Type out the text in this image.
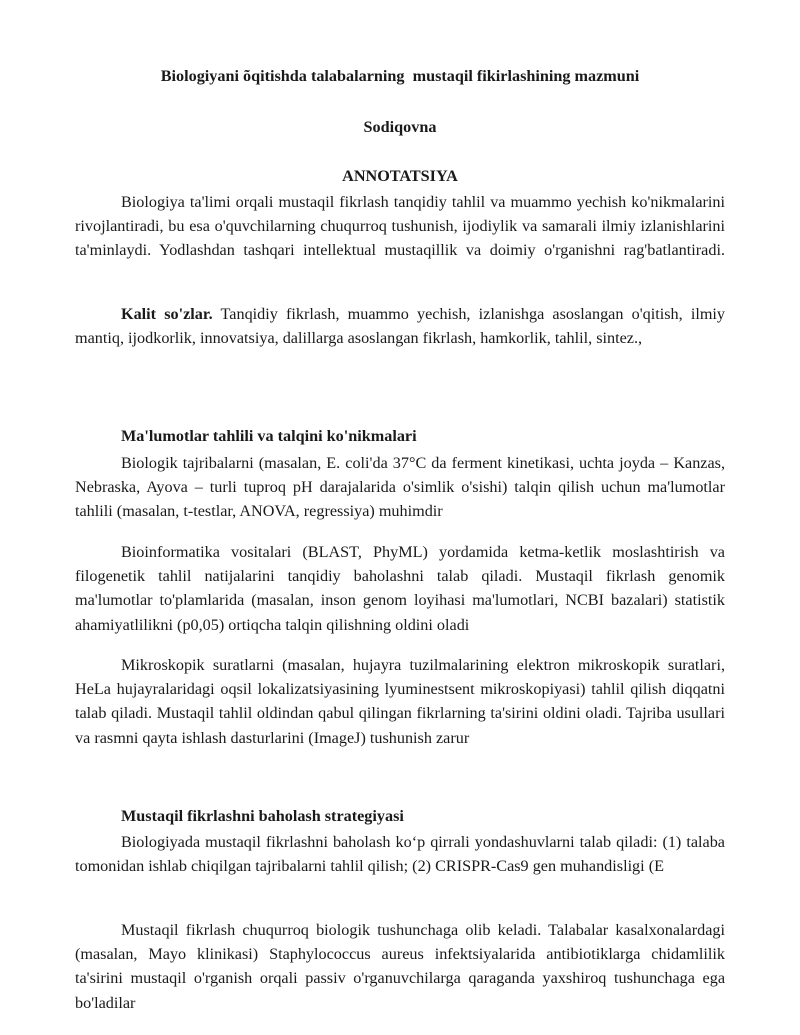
Biologiyani õqitishda talabalarning  mustaqil fikirlashining mazmuni
Sodiqovna
ANNOTATSIYA

Biologiya ta'limi orqali mustaqil fikrlash tanqidiy tahlil va muammo yechish ko'nikmalarini rivojlantiradi, bu esa o'quvchilarning chuqurroq tushunish, ijodiylik va samarali ilmiy izlanishlarini ta'minlaydi. Yodlashdan tashqari intellektual mustaqillik va doimiy o'rganishni rag'batlantiradi.

Kalit so'zlar. Tanqidiy fikrlash, muammo yechish, izlanishga asoslangan o'qitish, ilmiy mantiq, ijodkorlik, innovatsiya, dalillarga asoslangan fikrlash, hamkorlik, tahlil, sintez.,

Ma'lumotlar tahlili va talqini ko'nikmalari

Biologik tajribalarni (masalan, E. coli'da 37°C da ferment kinetikasi, uchta joyda – Kanzas, Nebraska, Ayova – turli tuproq pH darajalarida o'simlik o'sishi) talqin qilish uchun ma'lumotlar tahlili (masalan, t-testlar, ANOVA, regressiya) muhimdir

Bioinformatika vositalari (BLAST, PhyML) yordamida ketma-ketlik moslashtirish va filogenetik tahlil natijalarini tanqidiy baholashni talab qiladi. Mustaqil fikrlash genomik ma'lumotlar to'plamlarida (masalan, inson genom loyihasi ma'lumotlari, NCBI bazalari) statistik ahamiyatlilikni (p0,05) ortiqcha talqin qilishning oldini oladi

Mikroskopik suratlarni (masalan, hujayra tuzilmalarining elektron mikroskopik suratlari, HeLa hujayralaridagi oqsil lokalizatsiyasining lyuminestsent mikroskopiyasi) tahlil qilish diqqatni talab qiladi. Mustaqil tahlil oldindan qabul qilingan fikrlarning ta'sirini oldini oladi. Tajriba usullari va rasmni qayta ishlash dasturlarini (ImageJ) tushunish zarur

Mustaqil fikrlashni baholash strategiyasi

Biologiyada mustaqil fikrlashni baholash koʻp qirrali yondashuvlarni talab qiladi: (1) talaba tomonidan ishlab chiqilgan tajribalarni tahlil qilish; (2) CRISPR-Cas9 gen muhandisligi (E

Mustaqil fikrlash chuqurroq biologik tushunchaga olib keladi. Talabalar kasalxonalardagi (masalan, Mayo klinikasi) Staphylococcus aureus infektsiyalarida antibiotiklarga chidamlilik ta'sirini mustaqil o'rganish orqali passiv o'rganuvchilarga qaraganda yaxshiroq tushunchaga ega bo'ladilar
